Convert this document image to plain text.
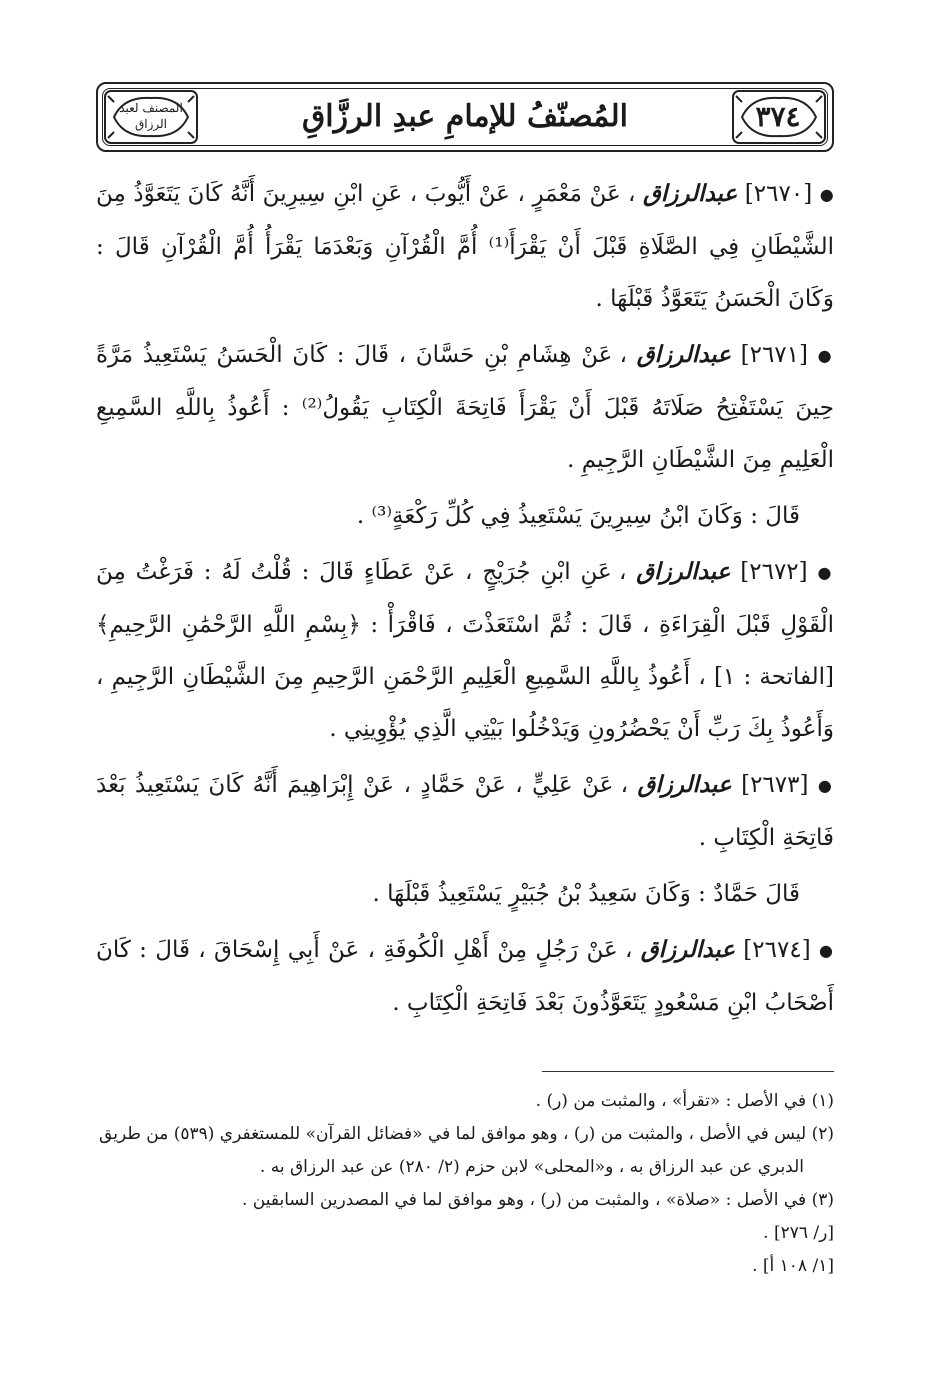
٣٧٤
المصنف لعبد الرزاق	المُصنّفُ للإمامِ عبدِ الرزَّاقِ

● [٢٦٧٠] عبدالرزاق ، عَنْ مَعْمَرٍ ، عَنْ أَيُّوبَ ، عَنِ ابْنِ سِيرِينَ أَنَّهُ كَانَ يَتَعَوَّذُ مِنَ الشَّيْطَانِ فِي الصَّلَاةِ قَبْلَ أَنْ يَقْرَأَ⁽¹⁾ أُمَّ الْقُرْآنِ وَبَعْدَمَا يَقْرَأُ أُمَّ الْقُرْآنِ قَالَ : وَكَانَ الْحَسَنُ يَتَعَوَّذُ قَبْلَهَا .

● [٢٦٧١] عبدالرزاق ، عَنْ هِشَامِ بْنِ حَسَّانَ ، قَالَ : كَانَ الْحَسَنُ يَسْتَعِيذُ مَرَّةً حِينَ يَسْتَفْتِحُ صَلَاتَهُ قَبْلَ أَنْ يَقْرَأَ فَاتِحَةَ الْكِتَابِ يَقُولُ⁽²⁾ : أَعُوذُ بِاللَّهِ السَّمِيعِ الْعَلِيمِ مِنَ الشَّيْطَانِ الرَّجِيمِ .

قَالَ : وَكَانَ ابْنُ سِيرِينَ يَسْتَعِيذُ فِي كُلِّ رَكْعَةٍ⁽³⁾ .

● [٢٦٧٢] عبدالرزاق ، عَنِ ابْنِ جُرَيْجٍ ، عَنْ عَطَاءٍ قَالَ : قُلْتُ لَهُ : فَرَغْتُ مِنَ الْقَوْلِ قَبْلَ الْقِرَاءَةِ ، قَالَ : ثُمَّ اسْتَعَذْتَ ، فَاقْرَأْ : ﴿بِسْمِ اللَّهِ الرَّحْمَٰنِ الرَّحِيمِ﴾ [الفاتحة : ١] ، أَعُوذُ بِاللَّهِ السَّمِيعِ الْعَلِيمِ الرَّحْمَنِ الرَّحِيمِ مِنَ الشَّيْطَانِ الرَّجِيمِ ، وَأَعُوذُ بِكَ رَبِّ أَنْ يَحْضُرُونِ وَيَدْخُلُوا بَيْتِي الَّذِي يُؤْوِينِي .

● [٢٦٧٣] عبدالرزاق ، عَنْ عَلِيٍّ ، عَنْ حَمَّادٍ ، عَنْ إِبْرَاهِيمَ أَنَّهُ كَانَ يَسْتَعِيذُ بَعْدَ فَاتِحَةِ الْكِتَابِ .

قَالَ حَمَّادٌ : وَكَانَ سَعِيدُ بْنُ جُبَيْرٍ يَسْتَعِيذُ قَبْلَهَا .

● [٢٦٧٤] عبدالرزاق ، عَنْ رَجُلٍ مِنْ أَهْلِ الْكُوفَةِ ، عَنْ أَبِي إِسْحَاقَ ، قَالَ : كَانَ أَصْحَابُ ابْنِ مَسْعُودٍ يَتَعَوَّذُونَ بَعْدَ فَاتِحَةِ الْكِتَابِ .

(١) في الأصل : «تقرأ» ، والمثبت من (ر) .

(٢) ليس في الأصل ، والمثبت من (ر) ، وهو موافق لما في «فضائل القرآن» للمستغفري (٥٣٩) من طريق

الدبري عن عبد الرزاق به ، و«المحلى» لابن حزم (٢/ ٢٨٠) عن عبد الرزاق به .

(٣) في الأصل : «صلاة» ، والمثبت من (ر) ، وهو موافق لما في المصدرين السابقين .

[ر/ ٢٧٦] .

[١/ ١٠٨ أ] .
